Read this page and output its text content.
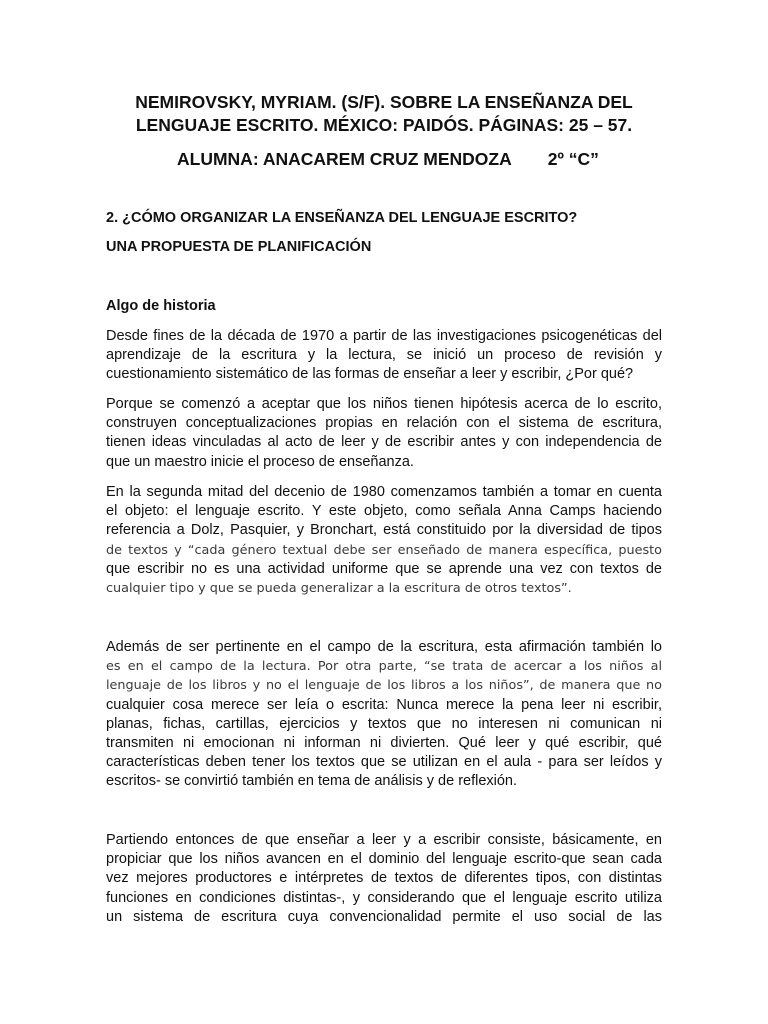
NEMIROVSKY, MYRIAM. (S/F). SOBRE LA ENSEÑANZA DEL
LENGUAJE ESCRITO. MÉXICO: PAIDÓS. PÁGINAS: 25 – 57.
ALUMNA: ANACAREM CRUZ MENDOZA 2º “C”
2. ¿CÓMO ORGANIZAR LA ENSEÑANZA DEL LENGUAJE ESCRITO?
UNA PROPUESTA DE PLANIFICACIÓN
Algo de historia
Desde fines de la década de 1970 a partir de las investigaciones psicogenéticas del
aprendizaje de la escritura y la lectura, se inició un proceso de revisión y
cuestionamiento sistemático de las formas de enseñar a leer y escribir, ¿Por qué?
Porque se comenzó a aceptar que los niños tienen hipótesis acerca de lo escrito,
construyen conceptualizaciones propias en relación con el sistema de escritura,
tienen ideas vinculadas al acto de leer y de escribir antes y con independencia de
que un maestro inicie el proceso de enseñanza.
En la segunda mitad del decenio de 1980 comenzamos también a tomar en cuenta
el objeto: el lenguaje escrito. Y este objeto, como señala Anna Camps haciendo
referencia a Dolz, Pasquier, y Bronchart, está constituido por la diversidad de tipos
de textos y “cada género textual debe ser enseñado de manera específica, puesto
que escribir no es una actividad uniforme que se aprende una vez con textos de
cualquier tipo y que se pueda generalizar a la escritura de otros textos”.
Además de ser pertinente en el campo de la escritura, esta afirmación también lo
es en el campo de la lectura. Por otra parte, “se trata de acercar a los niños al
lenguaje de los libros y no el lenguaje de los libros a los niños”, de manera que no
cualquier cosa merece ser leía o escrita: Nunca merece la pena leer ni escribir,
planas, fichas, cartillas, ejercicios y textos que no interesen ni comunican ni
transmiten ni emocionan ni informan ni divierten. Qué leer y qué escribir, qué
características deben tener los textos que se utilizan en el aula - para ser leídos y
escritos- se convirtió también en tema de análisis y de reflexión.
Partiendo entonces de que enseñar a leer y a escribir consiste, básicamente, en
propiciar que los niños avancen en el dominio del lenguaje escrito-que sean cada
vez mejores productores e intérpretes de textos de diferentes tipos, con distintas
funciones en condiciones distintas-, y considerando que el lenguaje escrito utiliza
un sistema de escritura cuya convencionalidad permite el uso social de las
